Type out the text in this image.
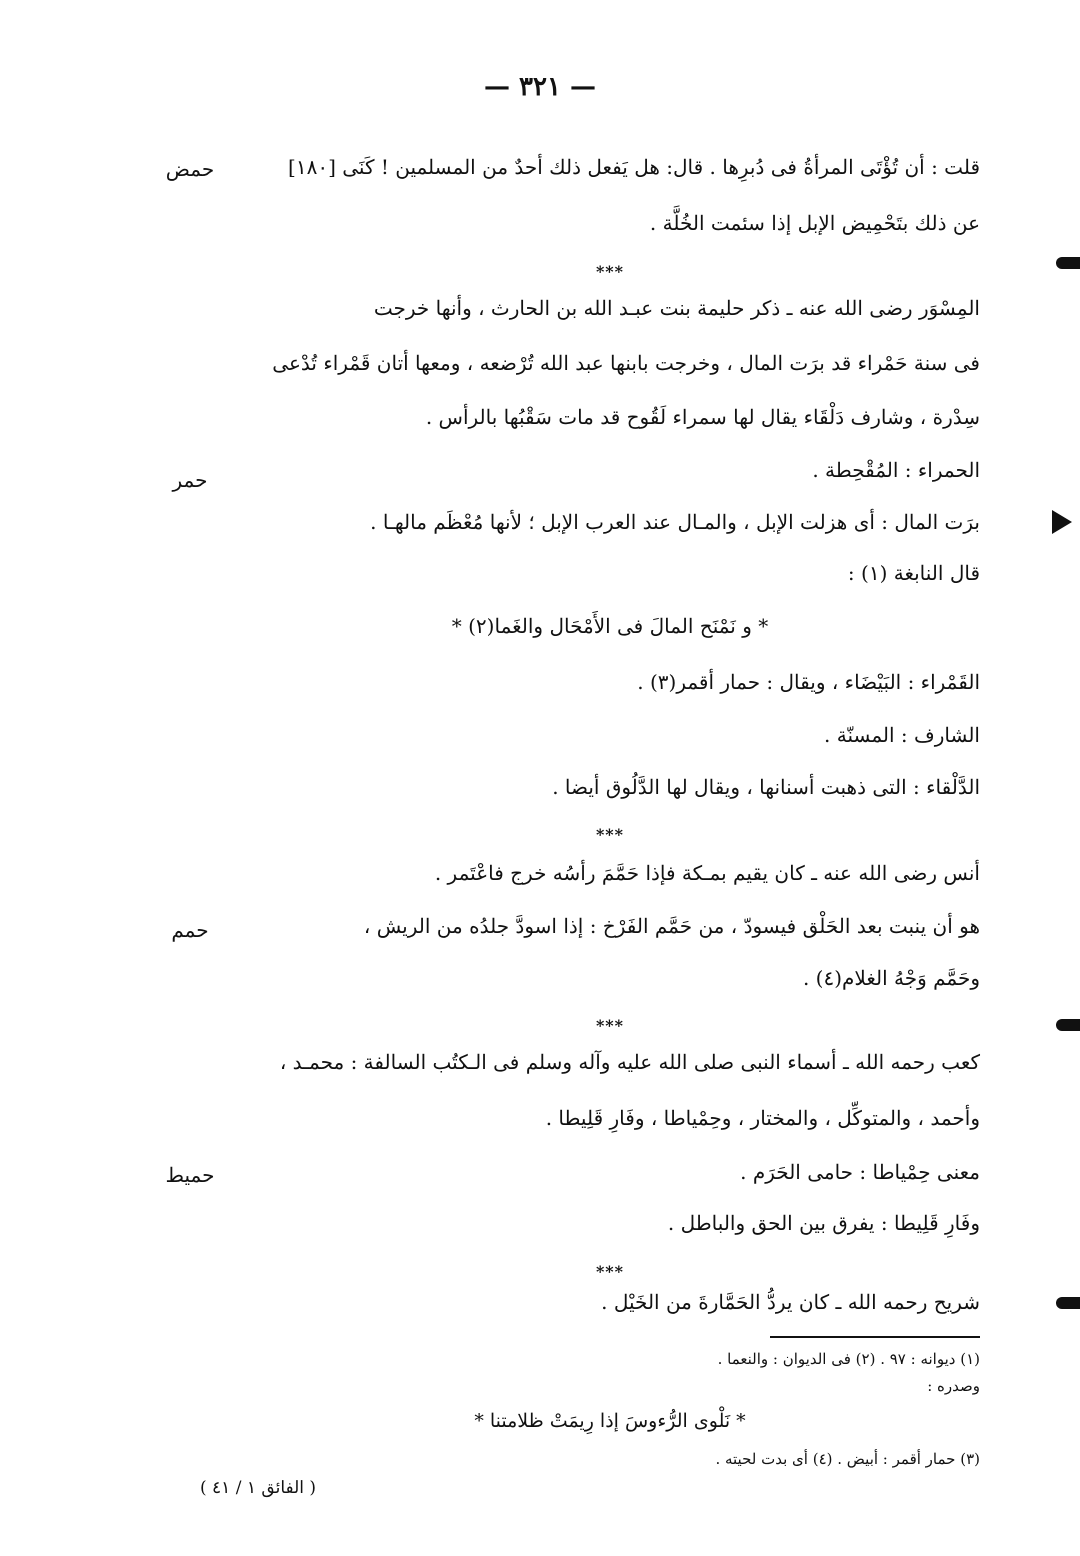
— ٣٢١ —
حمض
حمر
حمم
حميط
قلت : أن تُؤْتَى المرأةُ فى دُبرِها . قال: هل يَفعل ذلك أحدٌ من المسلمين ! كَنَى [١٨٠]
عن ذلك بتَحْمِيض الإبل إذا سئمت الخُلَّة .
***
المِسْوَر رضى الله عنه ـ ذكر حليمة بنت عبـد الله بن الحارث ، وأنها خرجت
فى سنة حَمْراء قد برَت المال ، وخرجت بابنها عبد الله تُرْضعه ، ومعها أتان قَمْراء تُدْعى
سِدْرة ، وشارف دَلْقَاء يقال لها سمراء لَقُوح قد مات سَقْبُها بالرأس .
الحمراء : المُقْحِطة .
برَت المال : أى هزلت الإبل ، والمـال عند العرب الإبل ؛ لأنها مُعْظَم مالهـا .
قال النابغة (١) :
* و نَمْنَح المالَ فى الأَمْحَال والغَما(٢) *
القَمْراء : البَيْضَاء ، ويقال : حمار أقمر(٣) .
الشارف : المسنّة .
الدَّلْقاء : التى ذهبت أسنانها ، ويقال لها الدَّلُوق أيضا .
***
أنس رضى الله عنه ـ كان يقيم بمـكة فإذا حَمَّمَ رأسُه خرج فاعْتَمر .
هو أن ينبت بعد الحَلْق فيسودّ ، من حَمَّم الفَرْخ : إذا اسودَّ جلدُه من الريش ،
وحَمَّم وَجْهُ الغلام(٤) .
***
كعب رحمه الله ـ أسماء النبى صلى الله عليه وآله وسلم فى الـكتُب السالفة : محمـد ،
وأحمد ، والمتوكِّل ، والمختار ، وحِمْياطا ، وفَارِ قَلِيطا .
معنى حِمْياطا : حامى الحَرَم .
وفَارِ قَلِيطا : يفرق بين الحق والباطل .
***
شريح رحمه الله ـ كان يردُّ الحَمَّارةَ من الخَيْل .
(١) ديوانه : ٩٧ . (٢) فى الديوان : والنعما .
وصدره :
* نَلْوى الرُّءوسَ إذا رِيمَتْ ظلامتنا *
(٣) حمار أقمر : أبيض . (٤) أى بدت لحيته .
( الفائق ١ / ٤١ )
